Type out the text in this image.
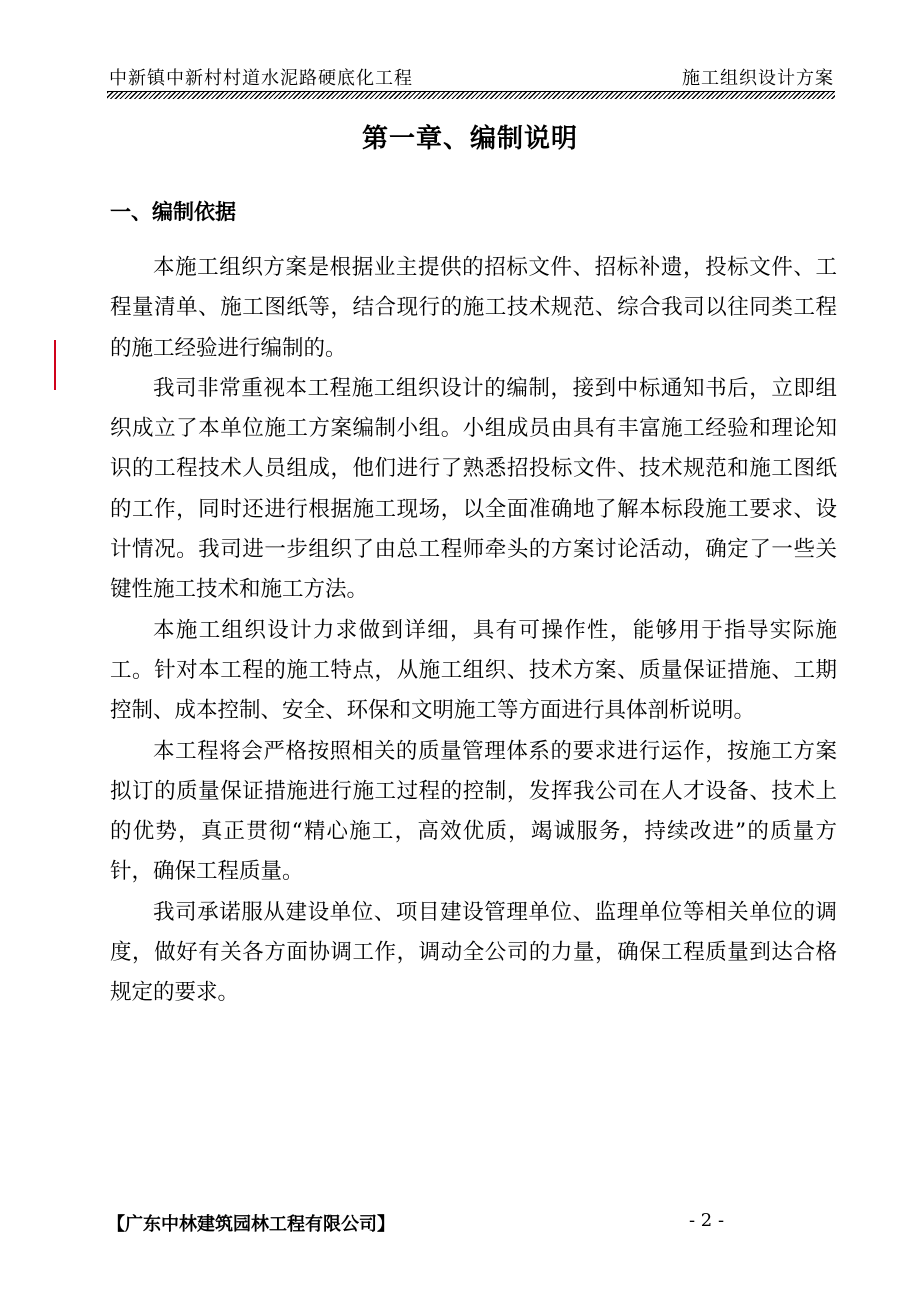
中新镇中新村村道水泥路硬底化工程	施工组织设计方案
第一章、编制说明
一、编制依据

本施工组织方案是根据业主提供的招标文件、招标补遗，投标文件、工程量清单、施工图纸等，结合现行的施工技术规范、综合我司以往同类工程的施工经验进行编制的。

我司非常重视本工程施工组织设计的编制，接到中标通知书后，立即组织成立了本单位施工方案编制小组。小组成员由具有丰富施工经验和理论知识的工程技术人员组成，他们进行了熟悉招投标文件、技术规范和施工图纸的工作，同时还进行根据施工现场，以全面准确地了解本标段施工要求、设计情况。我司进一步组织了由总工程师牵头的方案讨论活动，确定了一些关键性施工技术和施工方法。

本施工组织设计力求做到详细，具有可操作性，能够用于指导实际施工。针对本工程的施工特点，从施工组织、技术方案、质量保证措施、工期控制、成本控制、安全、环保和文明施工等方面进行具体剖析说明。

本工程将会严格按照相关的质量管理体系的要求进行运作，按施工方案拟订的质量保证措施进行施工过程的控制，发挥我公司在人才设备、技术上的优势，真正贯彻“精心施工，高效优质，竭诚服务，持续改进”的质量方针，确保工程质量。

我司承诺服从建设单位、项目建设管理单位、监理单位等相关单位的调度，做好有关各方面协调工作，调动全公司的力量，确保工程质量到达合格规定的要求。

【广东中林建筑园林工程有限公司】	- 2 -
